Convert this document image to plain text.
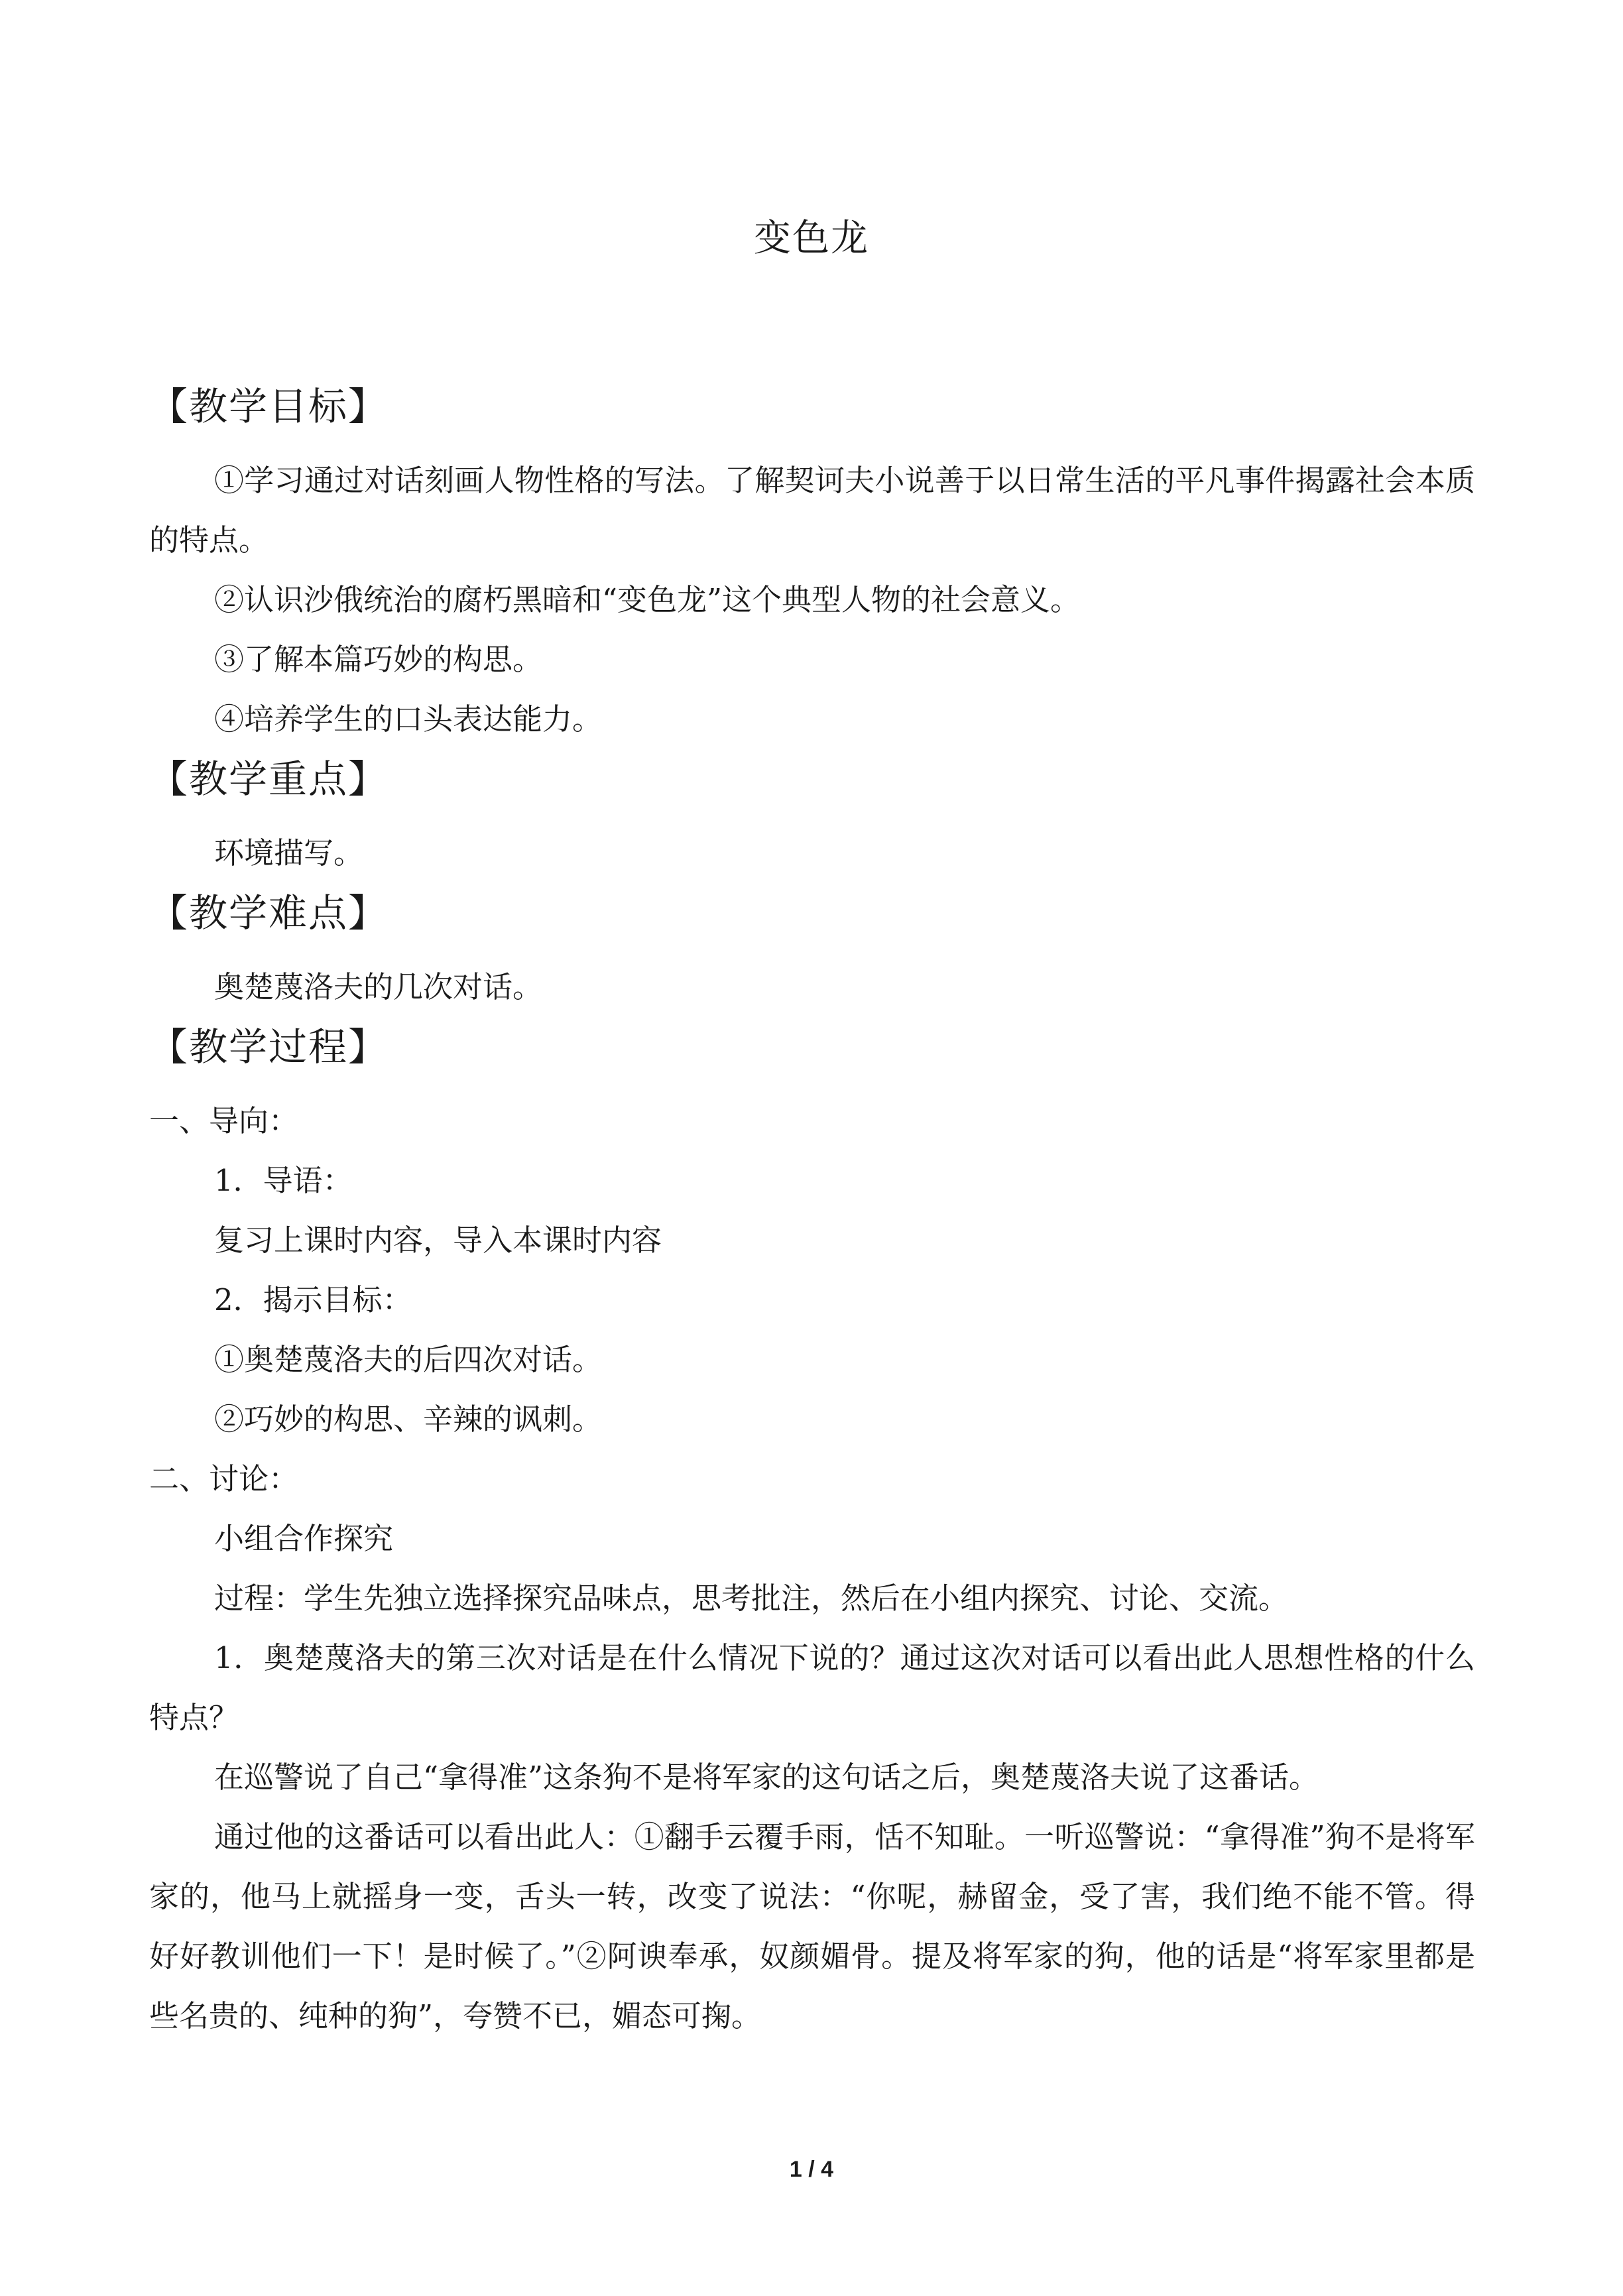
变色龙

【教学目标】

①学习通过对话刻画人物性格的写法。了解契诃夫小说善于以日常生活的平凡事件揭露社会本质的特点。

②认识沙俄统治的腐朽黑暗和“变色龙”这个典型人物的社会意义。

③了解本篇巧妙的构思。

④培养学生的口头表达能力。

【教学重点】

环境描写。

【教学难点】

奥楚蔑洛夫的几次对话。

【教学过程】

一、导向：

1．导语：

复习上课时内容，导入本课时内容

2．揭示目标：

①奥楚蔑洛夫的后四次对话。

②巧妙的构思、辛辣的讽刺。

二、讨论：

小组合作探究

过程：学生先独立选择探究品味点，思考批注，然后在小组内探究、讨论、交流。

1．奥楚蔑洛夫的第三次对话是在什么情况下说的？通过这次对话可以看出此人思想性格的什么特点？

在巡警说了自己“拿得准”这条狗不是将军家的这句话之后，奥楚蔑洛夫说了这番话。

通过他的这番话可以看出此人：①翻手云覆手雨，恬不知耻。一听巡警说：“拿得准”狗不是将军家的，他马上就摇身一变，舌头一转，改变了说法：“你呢，赫留金，受了害，我们绝不能不管。得好好教训他们一下！是时候了。”②阿谀奉承，奴颜媚骨。提及将军家的狗，他的话是“将军家里都是些名贵的、纯种的狗”，夸赞不已，媚态可掬。

1 / 4
